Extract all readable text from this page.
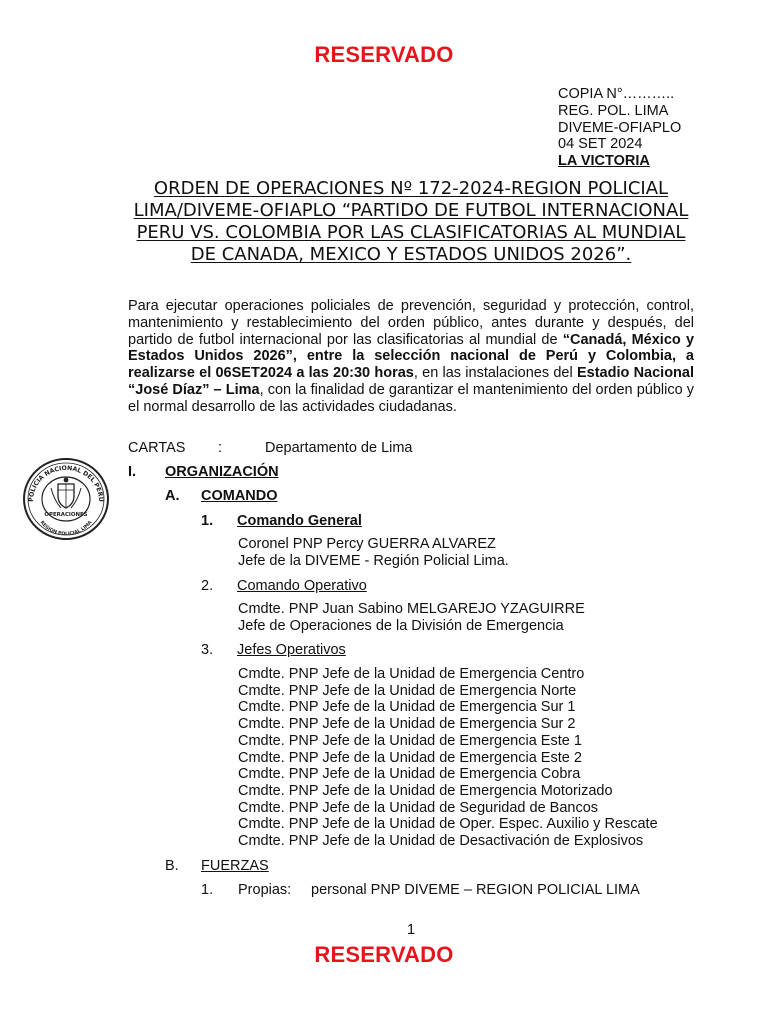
RESERVADO
COPIA N°………..
REG. POL. LIMA
DIVEME-OFIAPLO
04 SET 2024
LA VICTORIA
ORDEN DE OPERACIONES Nº 172-2024-REGION POLICIAL LIMA/DIVEME-OFIAPLO “PARTIDO DE FUTBOL INTERNACIONAL PERU VS. COLOMBIA POR LAS CLASIFICATORIAS AL MUNDIAL DE CANADA, MEXICO Y ESTADOS UNIDOS 2026”.
Para ejecutar operaciones policiales de prevención, seguridad y protección, control, mantenimiento y restablecimiento del orden público, antes durante y después, del partido de futbol internacional por las clasificatorias al mundial de “Canadá, México y Estados Unidos 2026”, entre la selección nacional de Perú y Colombia, a realizarse el 06SET2024 a las 20:30 horas, en las instalaciones del Estadio Nacional “José Díaz” – Lima, con la finalidad de garantizar el mantenimiento del orden público y el normal desarrollo de las actividades ciudadanas.
CARTAS :	Departamento de Lima
POLICIA NACIONAL DEL PERU
REGION POLICIAL LIMA
OPERACIONES
I. ORGANIZACIÓN
A. COMANDO
1. Comando General
Coronel PNP Percy GUERRA ALVAREZ
Jefe de la DIVEME - Región Policial Lima.
2. Comando Operativo
Cmdte. PNP Juan Sabino MELGAREJO YZAGUIRRE
Jefe de Operaciones de la División de Emergencia
3. Jefes Operativos
Cmdte. PNP Jefe de la Unidad de Emergencia Centro
Cmdte. PNP Jefe de la Unidad de Emergencia Norte
Cmdte. PNP Jefe de la Unidad de Emergencia Sur 1
Cmdte. PNP Jefe de la Unidad de Emergencia Sur 2
Cmdte. PNP Jefe de la Unidad de Emergencia Este 1
Cmdte. PNP Jefe de la Unidad de Emergencia Este 2
Cmdte. PNP Jefe de la Unidad de Emergencia Cobra
Cmdte. PNP Jefe de la Unidad de Emergencia Motorizado
Cmdte. PNP Jefe de la Unidad de Seguridad de Bancos
Cmdte. PNP Jefe de la Unidad de Oper. Espec. Auxilio y Rescate
Cmdte. PNP Jefe de la Unidad de Desactivación de Explosivos
B. FUERZAS
1. Propias: personal PNP DIVEME – REGION POLICIAL LIMA
1
RESERVADO
